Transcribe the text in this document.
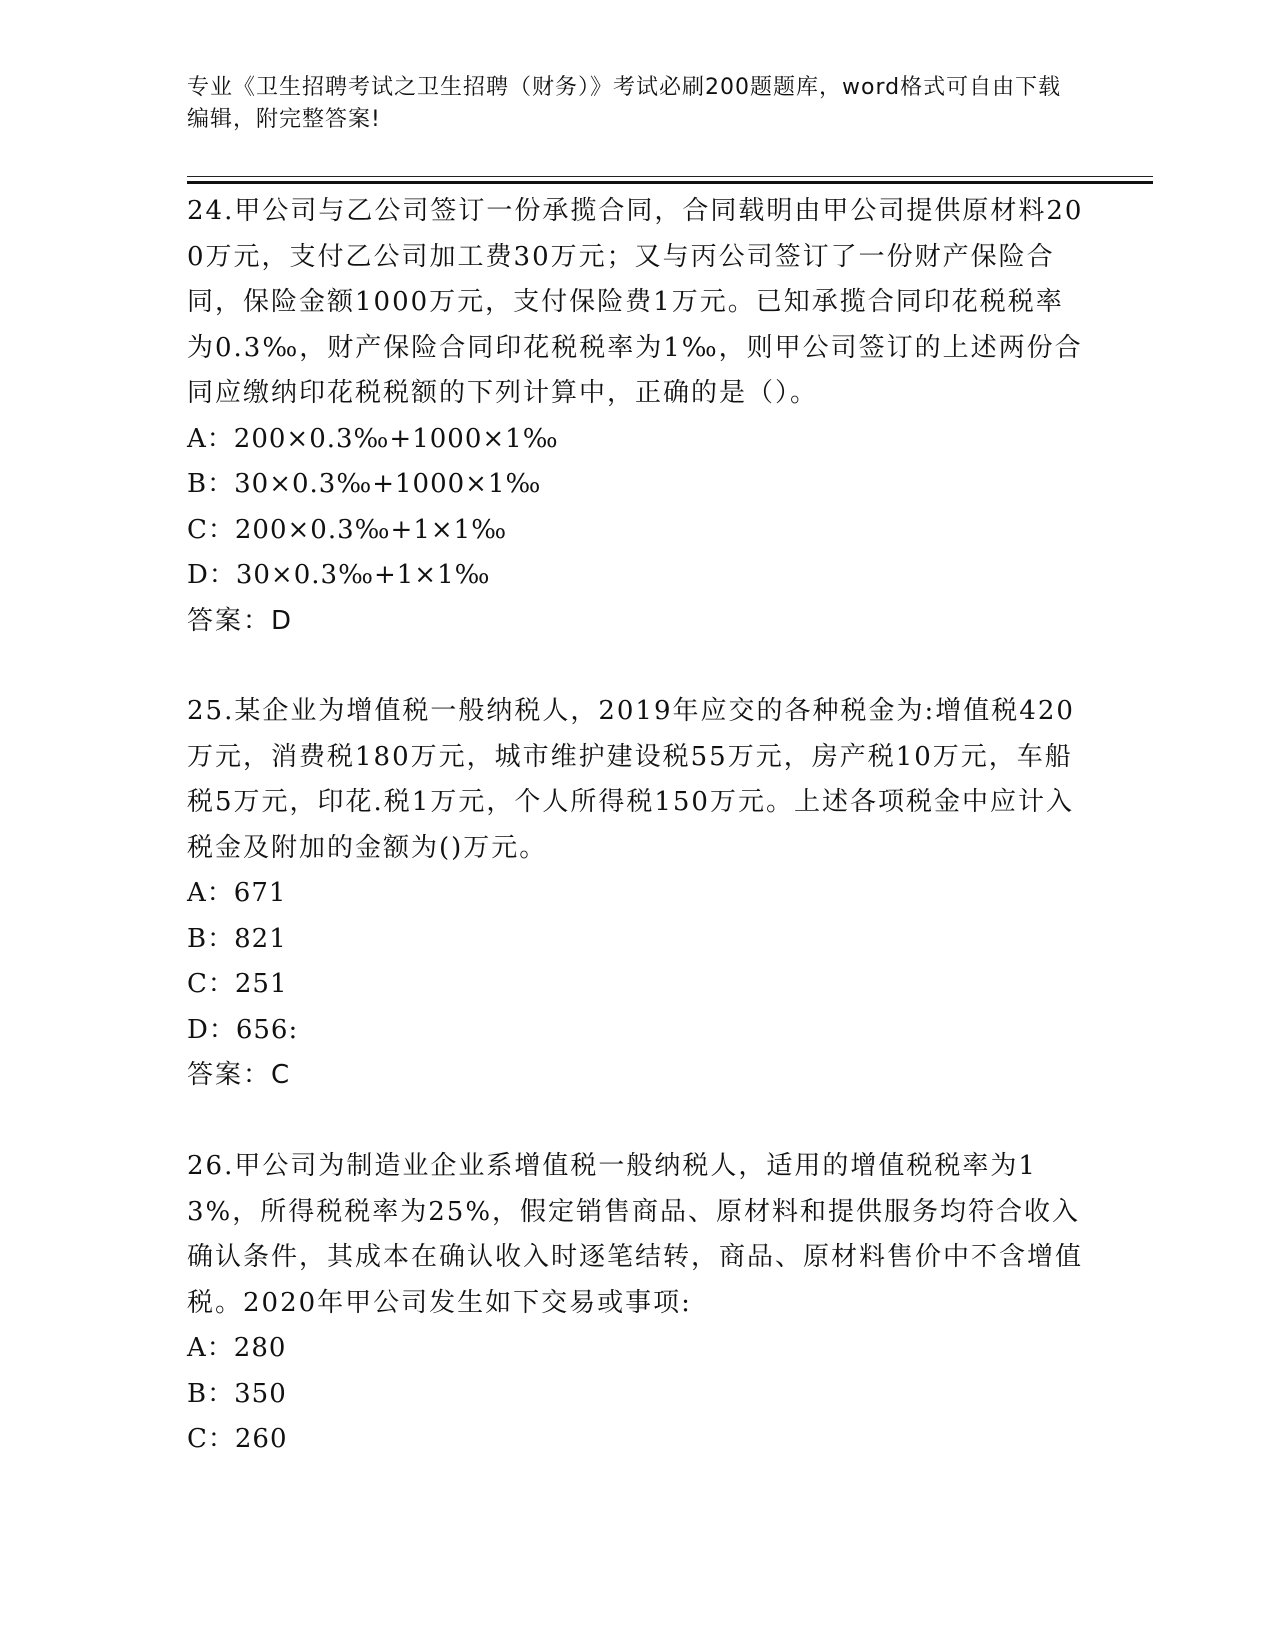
专业《卫生招聘考试之卫生招聘（财务）》考试必刷200题题库，word格式可自由下载编辑，附完整答案!

24.甲公司与乙公司签订一份承揽合同，合同载明由甲公司提供原材料200万元，支付乙公司加工费30万元；又与丙公司签订了一份财产保险合同，保险金额1000万元，支付保险费1万元。已知承揽合同印花税税率为0.3‰，财产保险合同印花税税率为1‰，则甲公司签订的上述两份合同应缴纳印花税税额的下列计算中，正确的是（）。

A：200×0.3‰+1000×1‰

B：30×0.3‰+1000×1‰

C：200×0.3‰+1×1‰

D：30×0.3‰+1×1‰

答案：D

25.某企业为增值税一般纳税人，2019年应交的各种税金为:增值税420万元，消费税180万元，城市维护建设税55万元，房产税10万元，车船税5万元，印花.税1万元，个人所得税150万元。上述各项税金中应计入税金及附加的金额为()万元。

A：671

B：821

C：251

D：656:

答案：C

26.甲公司为制造业企业系增值税一般纳税人，适用的增值税税率为13%，所得税税率为25%，假定销售商品、原材料和提供服务均符合收入确认条件，其成本在确认收入时逐笔结转，商品、原材料售价中不含增值税。2020年甲公司发生如下交易或事项:

A：280

B：350

C：260
